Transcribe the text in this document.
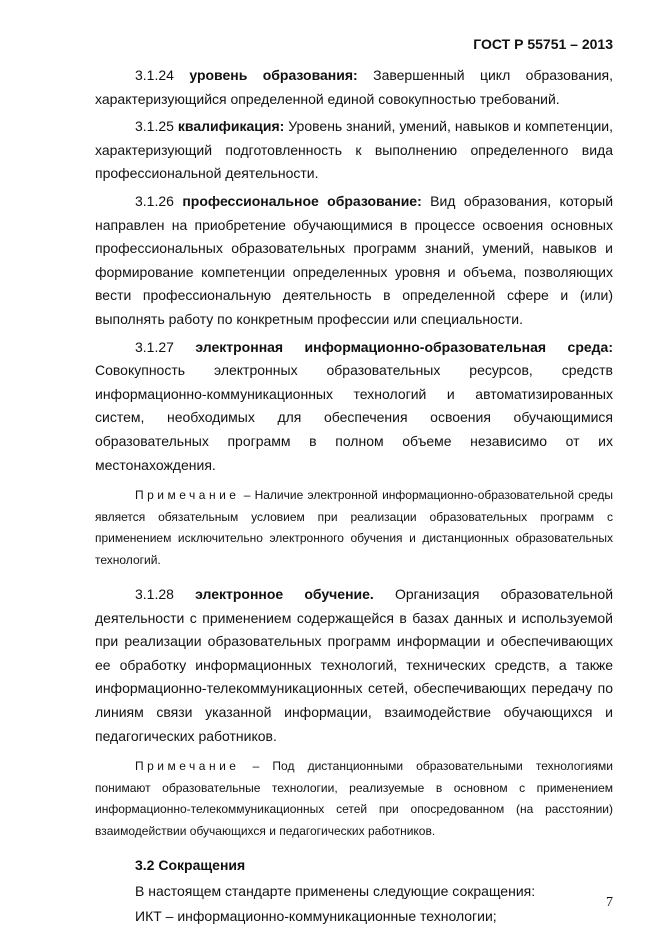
ГОСТ Р 55751 – 2013

3.1.24 уровень образования: Завершенный цикл образования, характеризующийся определенной единой совокупностью требований.

3.1.25 квалификация: Уровень знаний, умений, навыков и компетенции, характеризующий подготовленность к выполнению определенного вида профессиональной деятельности.

3.1.26 профессиональное образование: Вид образования, который направлен на приобретение обучающимися в процессе освоения основных профессиональных образовательных программ знаний, умений, навыков и формирование компетенции определенных уровня и объема, позволяющих вести профессиональную деятельность в определенной сфере и (или) выполнять работу по конкретным профессии или специальности.

3.1.27 электронная информационно-образовательная среда: Совокупность электронных образовательных ресурсов, средств информационно-коммуникационных технологий и автоматизированных систем, необходимых для обеспечения освоения обучающимися образовательных программ в полном объеме независимо от их местонахождения.

Примечание – Наличие электронной информационно-образовательной среды является обязательным условием при реализации образовательных программ с применением исключительно электронного обучения и дистанционных образовательных технологий.

3.1.28 электронное обучение. Организация образовательной деятельности с применением содержащейся в базах данных и используемой при реализации образовательных программ информации и обеспечивающих ее обработку информационных технологий, технических средств, а также информационно-телекоммуникационных сетей, обеспечивающих передачу по линиям связи указанной информации, взаимодействие обучающихся и педагогических работников.

Примечание – Под дистанционными образовательными технологиями понимают образовательные технологии, реализуемые в основном с применением информационно-телекоммуникационных сетей при опосредованном (на расстоянии) взаимодействии обучающихся и педагогических работников.

3.2 Сокращения

В настоящем стандарте применены следующие сокращения:

ИКТ – информационно-коммуникационные технологии;

7
